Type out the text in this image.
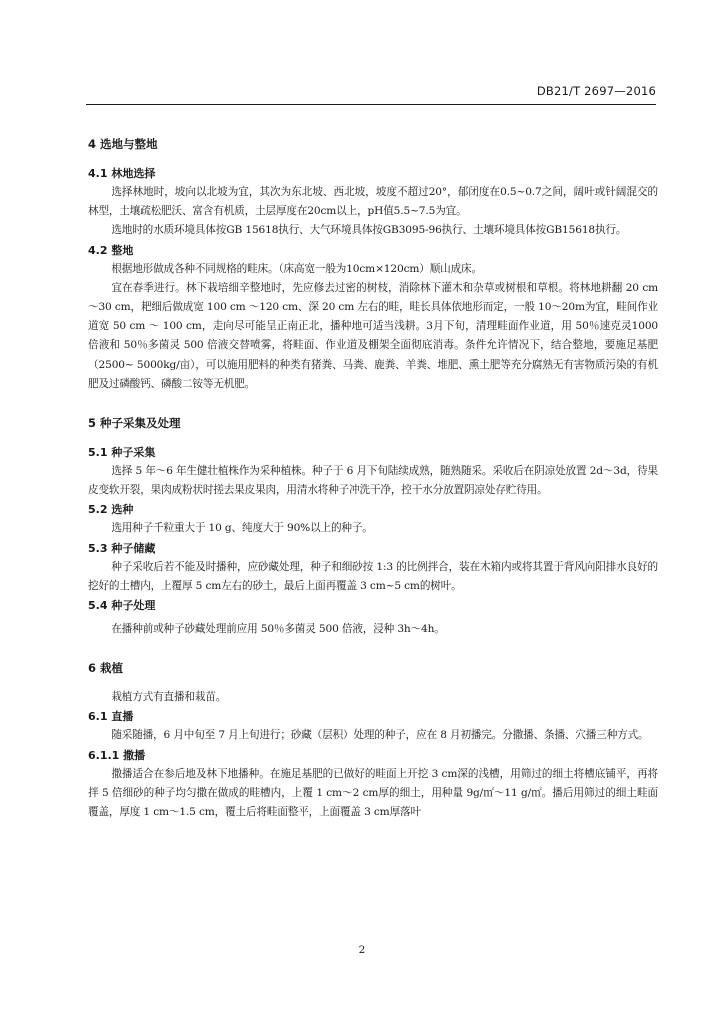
DB21/T 2697—2016
4 选地与整地
4.1 林地选择

选择林地时，坡向以北坡为宜，其次为东北坡、西北坡，坡度不超过20°，郁闭度在0.5~0.7之间，阔叶或针阔混交的林型，土壤疏松肥沃、富含有机质，土层厚度在20cm以上，pH值5.5~7.5为宜。

选地时的水质环境具体按GB 15618执行、大气环境具体按GB3095-96执行、土壤环境具体按GB15618执行。

4.2 整地

根据地形做成各种不同规格的畦床。（床高宽一般为10cm×120cm）顺山成床。

宜在春季进行。林下栽培细辛整地时，先应修去过密的树枝，消除林下灌木和杂草或树根和草根。将林地耕翻 20 cm ～30 cm，耙细后做成宽 100 cm ～120 cm、深 20 cm 左右的畦，畦长具体依地形而定，一般 10～20m为宜，畦间作业道宽 50 cm ～ 100 cm，走向尽可能呈正南正北，播种地可适当浅耕。3月下旬，清理畦面作业道，用 50％速克灵1000 倍液和 50％多菌灵 500 倍液交替喷雾，将畦面、作业道及棚架全面彻底消毒。条件允许情况下，结合整地，要施足基肥（2500~ 5000kg/亩），可以施用肥料的种类有猪粪、马粪、鹿粪、羊粪、堆肥、熏土肥等充分腐熟无有害物质污染的有机肥及过磷酸钙、磷酸二铵等无机肥。

5 种子采集及处理
5.1 种子采集

选择 5 年～6 年生健壮植株作为采种植株。种子于 6 月下旬陆续成熟，随熟随采。采收后在阴凉处放置 2d～3d，待果皮变软开裂，果肉成粉状时搓去果皮果肉，用清水将种子冲洗干净，控干水分放置阴凉处存贮待用。

5.2 选种

选用种子千粒重大于 10 g、纯度大于 90%以上的种子。

5.3 种子储藏

种子采收后若不能及时播种，应砂藏处理，种子和细砂按 1:3 的比例拌合，装在木箱内或将其置于背风向阳排水良好的挖好的土槽内，上覆厚 5 cm左右的砂土，最后上面再覆盖 3 cm~5 cm的树叶。

5.4 种子处理

在播种前或种子砂藏处理前应用 50％多菌灵 500 倍液，浸种 3h～4h。

6 栽植

栽植方式有直播和栽苗。

6.1 直播

随采随播，6 月中旬至 7 月上旬进行；砂藏（层积）处理的种子，应在 8 月初播完。分撒播、条播、穴播三种方式。

6.1.1 撒播

撒播适合在参后地及林下地播种。在施足基肥的已做好的畦面上开挖 3 cm深的浅槽，用筛过的细土将槽底铺平，再将拌 5 倍细砂的种子均匀撒在做成的畦槽内，上覆 1 cm～2 cm厚的细土，用种量 9g/㎡～11 g/㎡。播后用筛过的细土畦面覆盖，厚度 1 cm～1.5 cm，覆土后将畦面整平，上面覆盖 3 cm厚落叶

2
